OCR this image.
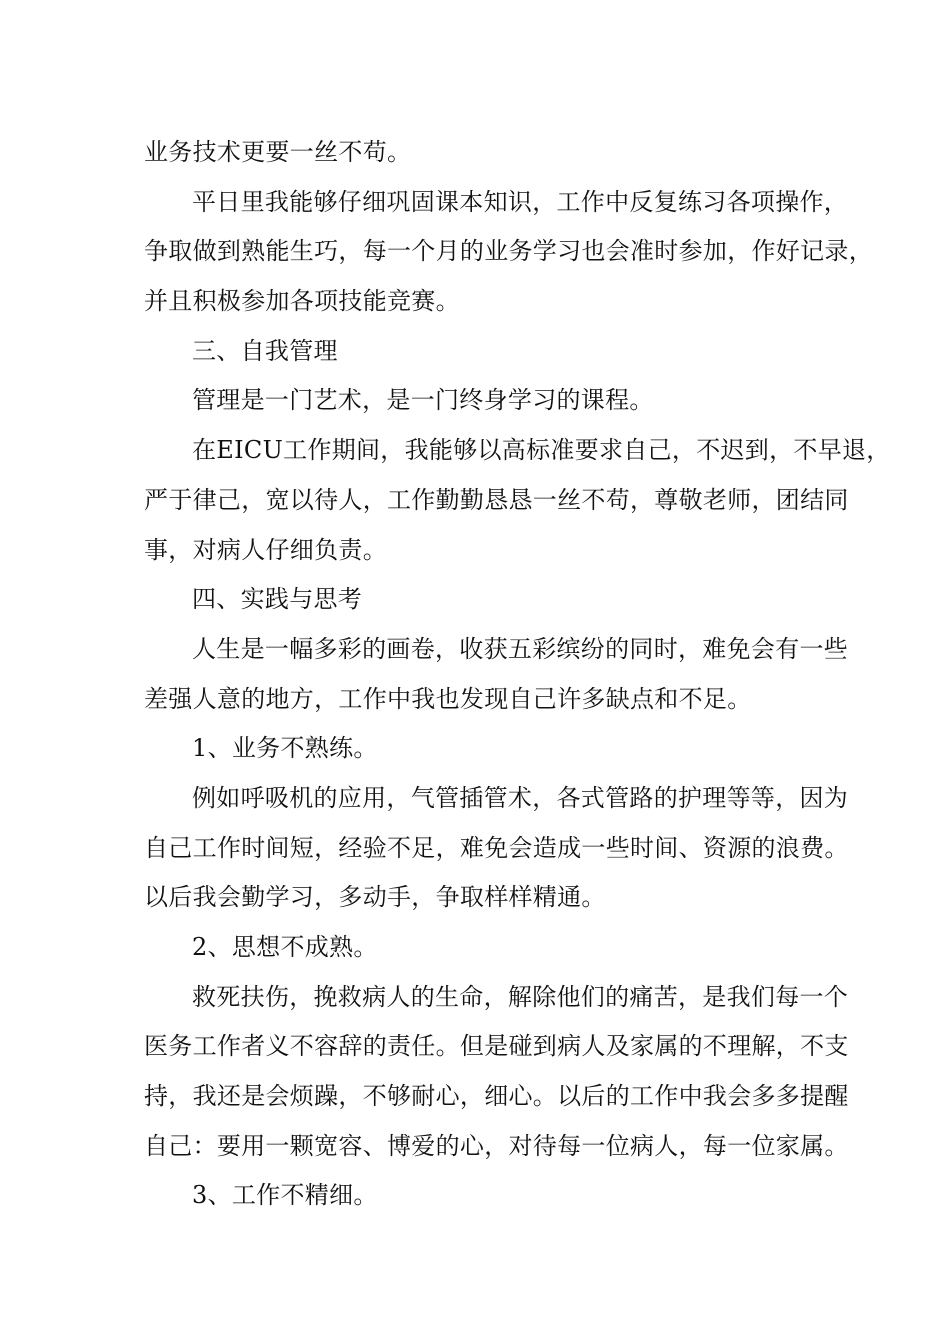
业务技术更要一丝不苟。
平日里我能够仔细巩固课本知识，工作中反复练习各项操作，
争取做到熟能生巧，每一个月的业务学习也会准时参加，作好记录，
并且积极参加各项技能竞赛。
三、自我管理
管理是一门艺术，是一门终身学习的课程。
在EICU工作期间，我能够以高标准要求自己，不迟到，不早退，
严于律己，宽以待人，工作勤勤恳恳一丝不苟，尊敬老师，团结同
事，对病人仔细负责。
四、实践与思考
人生是一幅多彩的画卷，收获五彩缤纷的同时，难免会有一些
差强人意的地方，工作中我也发现自己许多缺点和不足。
1、业务不熟练。
例如呼吸机的应用，气管插管术，各式管路的护理等等，因为
自己工作时间短，经验不足，难免会造成一些时间、资源的浪费。
以后我会勤学习，多动手，争取样样精通。
2、思想不成熟。
救死扶伤，挽救病人的生命，解除他们的痛苦，是我们每一个
医务工作者义不容辞的责任。但是碰到病人及家属的不理解，不支
持，我还是会烦躁，不够耐心，细心。以后的工作中我会多多提醒
自己：要用一颗宽容、博爱的心，对待每一位病人，每一位家属。
3、工作不精细。
